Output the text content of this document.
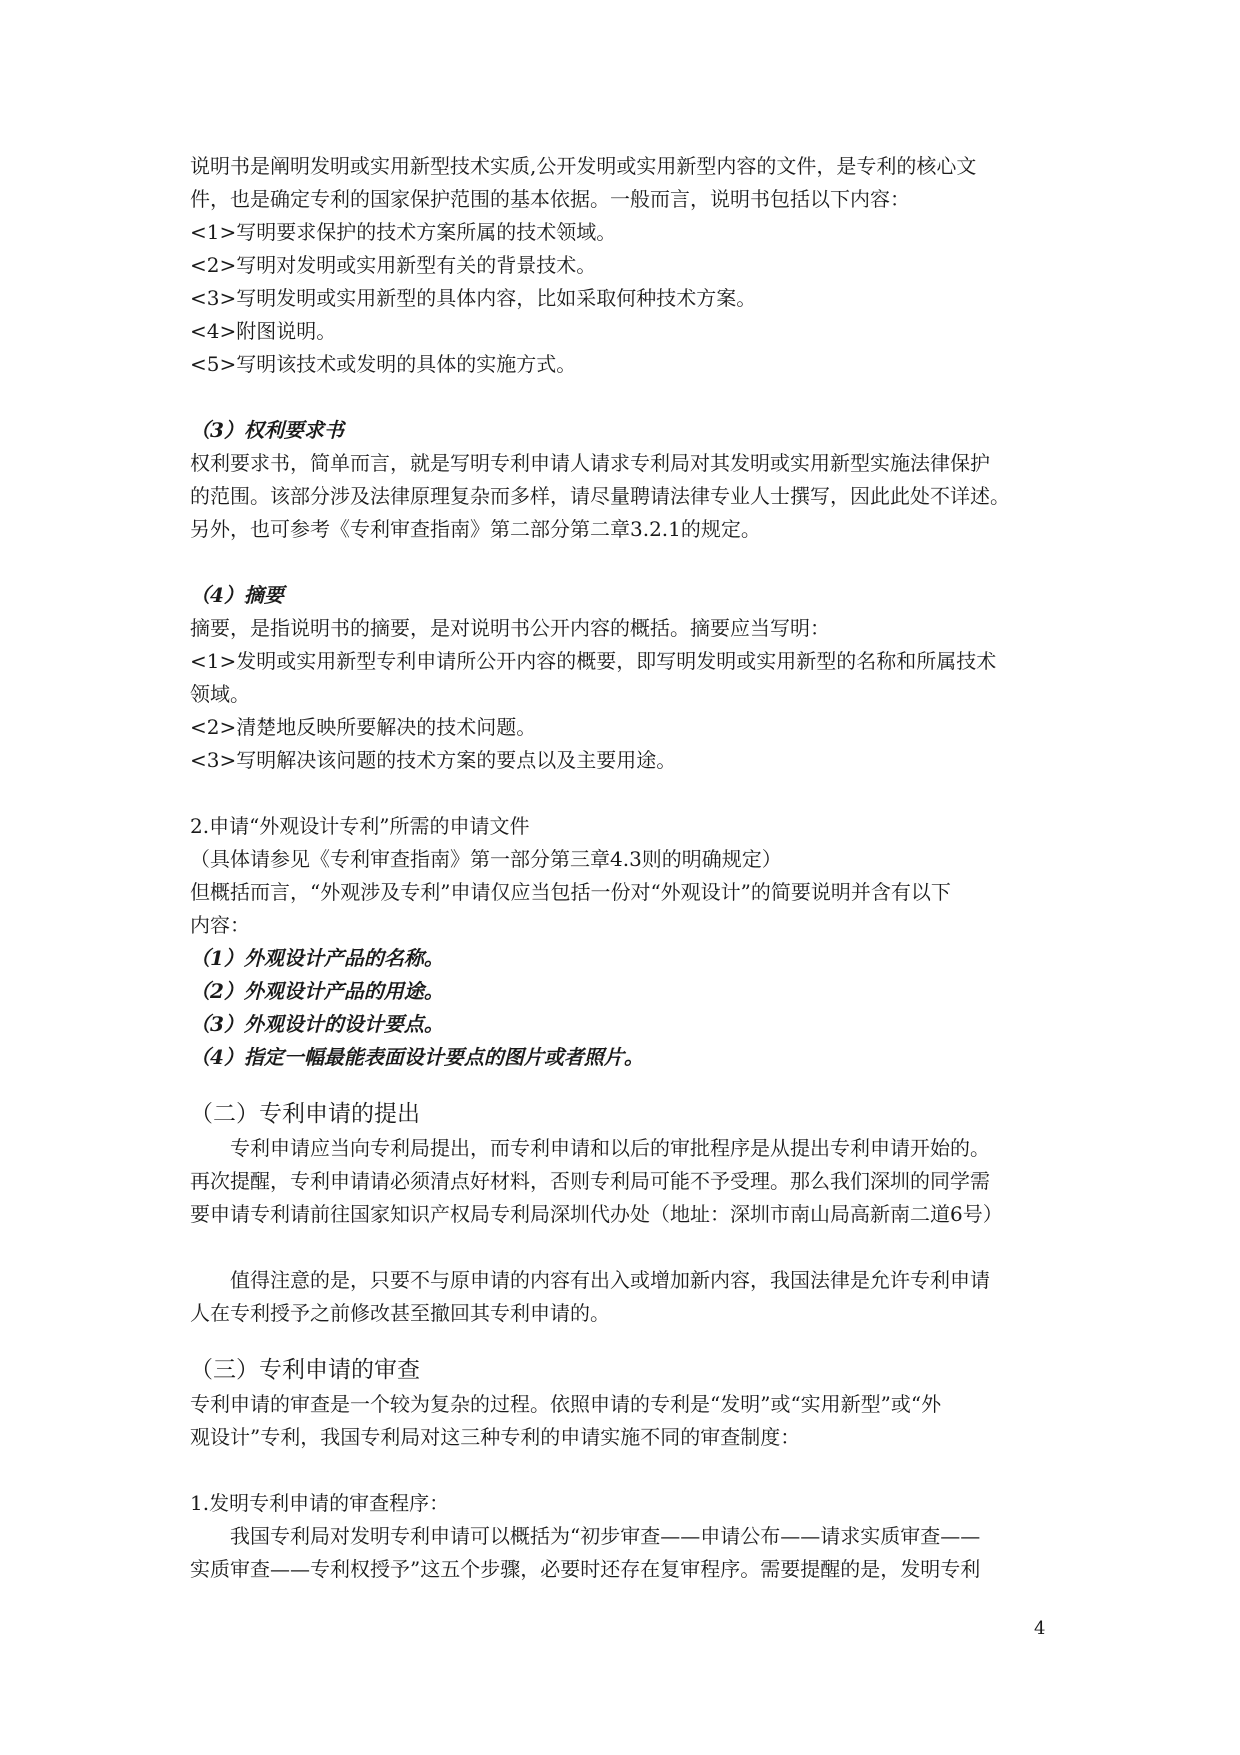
说明书是阐明发明或实用新型技术实质,公开发明或实用新型内容的文件，是专利的核心文
件，也是确定专利的国家保护范围的基本依据。一般而言，说明书包括以下内容：
<1>写明要求保护的技术方案所属的技术领域。
<2>写明对发明或实用新型有关的背景技术。
<3>写明发明或实用新型的具体内容，比如采取何种技术方案。
<4>附图说明。
<5>写明该技术或发明的具体的实施方式。
（3）权利要求书
权利要求书，简单而言，就是写明专利申请人请求专利局对其发明或实用新型实施法律保护
的范围。该部分涉及法律原理复杂而多样，请尽量聘请法律专业人士撰写，因此此处不详述。
另外，也可参考《专利审查指南》第二部分第二章3.2.1的规定。
（4）摘要
摘要，是指说明书的摘要，是对说明书公开内容的概括。摘要应当写明：
<1>发明或实用新型专利申请所公开内容的概要，即写明发明或实用新型的名称和所属技术
领域。
<2>清楚地反映所要解决的技术问题。
<3>写明解决该问题的技术方案的要点以及主要用途。
2.申请“外观设计专利”所需的申请文件
（具体请参见《专利审查指南》第一部分第三章4.3则的明确规定）
但概括而言，“外观涉及专利”申请仅应当包括一份对“外观设计”的简要说明并含有以下
内容：
（1）外观设计产品的名称。
（2）外观设计产品的用途。
（3）外观设计的设计要点。
（4）指定一幅最能表面设计要点的图片或者照片。
（二）专利申请的提出
专利申请应当向专利局提出，而专利申请和以后的审批程序是从提出专利申请开始的。
再次提醒，专利申请请必须清点好材料，否则专利局可能不予受理。那么我们深圳的同学需
要申请专利请前往国家知识产权局专利局深圳代办处（地址：深圳市南山局高新南二道6号）
值得注意的是，只要不与原申请的内容有出入或增加新内容，我国法律是允许专利申请
人在专利授予之前修改甚至撤回其专利申请的。
（三）专利申请的审查
专利申请的审查是一个较为复杂的过程。依照申请的专利是“发明”或“实用新型”或“外
观设计”专利，我国专利局对这三种专利的申请实施不同的审查制度：
1.发明专利申请的审查程序：
我国专利局对发明专利申请可以概括为“初步审查——申请公布——请求实质审查——
实质审查——专利权授予”这五个步骤，必要时还存在复审程序。需要提醒的是，发明专利
4
